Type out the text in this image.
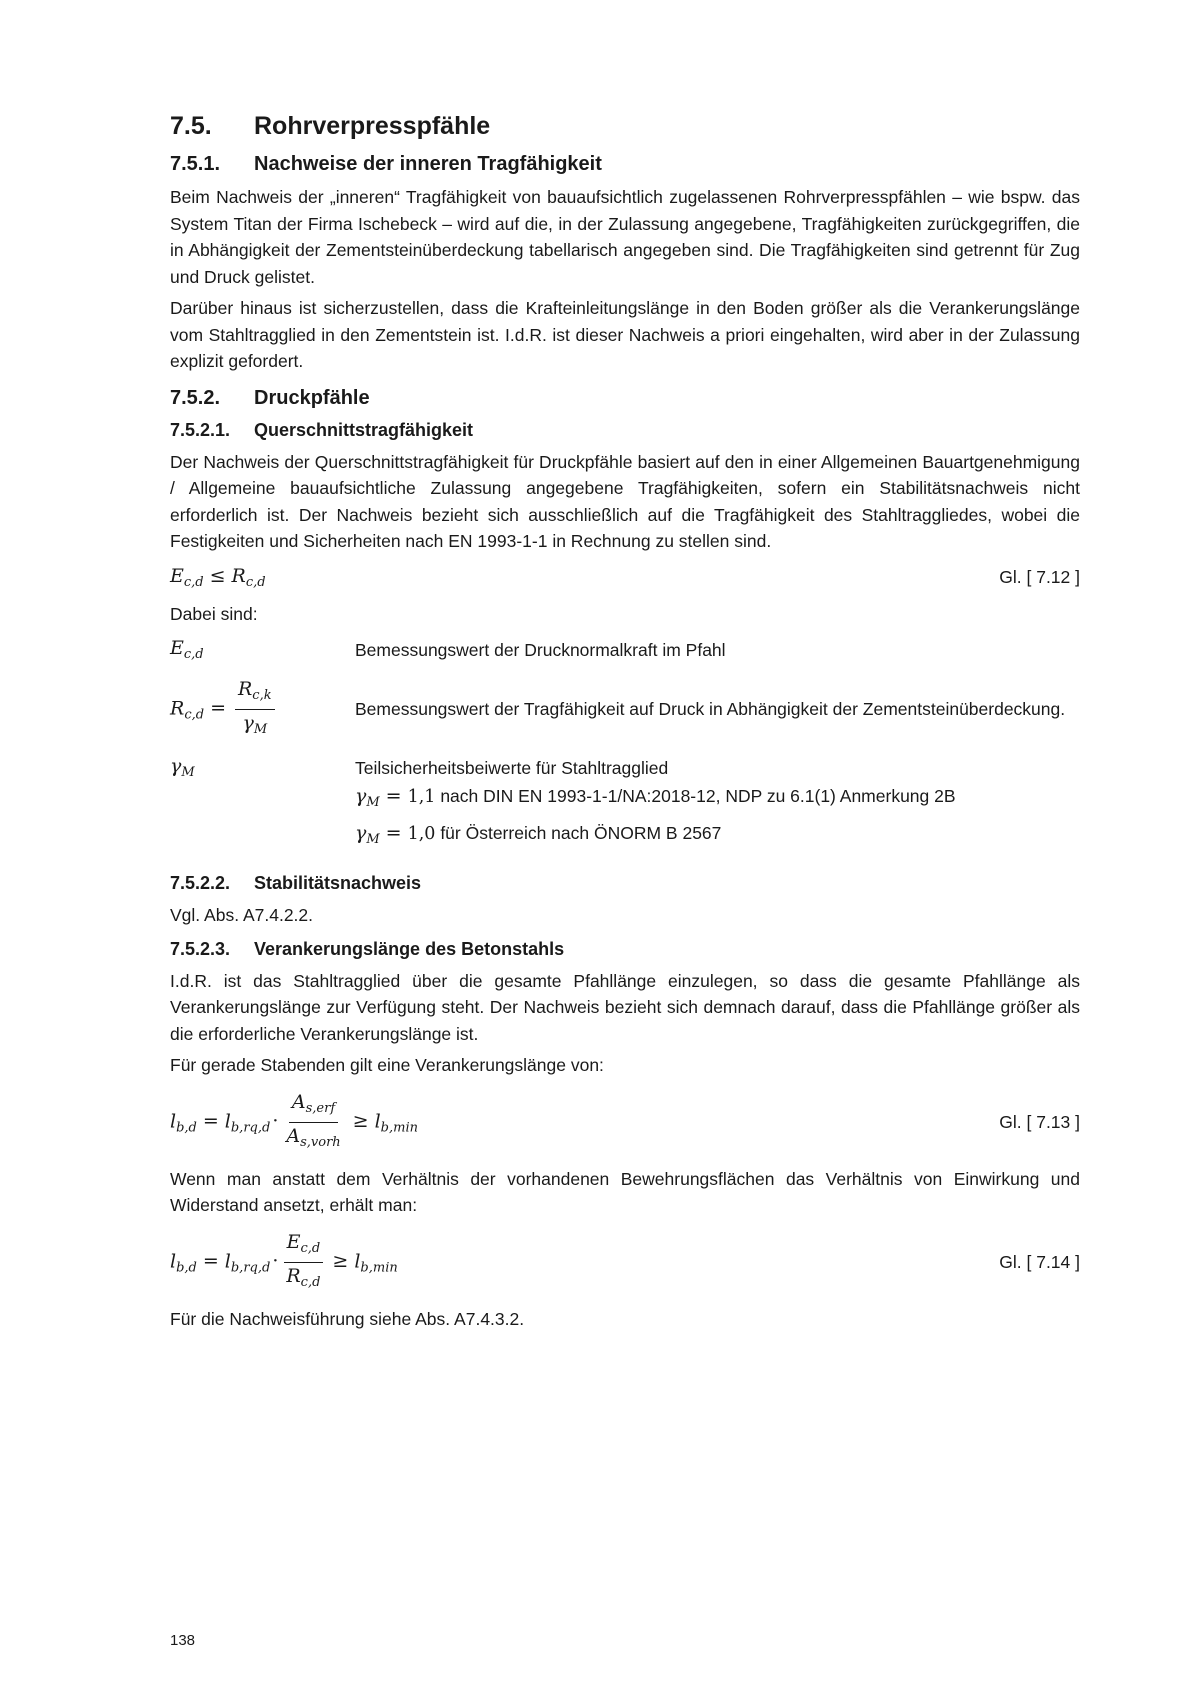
7.5.	Rohrverpresspfähle
7.5.1.	Nachweise der inneren Tragfähigkeit

Beim Nachweis der „inneren“ Tragfähigkeit von bauaufsichtlich zugelassenen Rohrverpresspfählen – wie bspw. das System Titan der Firma Ischebeck – wird auf die, in der Zulassung angegebene, Tragfähigkeiten zurückgegriffen, die in Abhängigkeit der Zementsteinüberdeckung tabellarisch angegeben sind. Die Tragfähigkeiten sind getrennt für Zug und Druck gelistet.

Darüber hinaus ist sicherzustellen, dass die Krafteinleitungslänge in den Boden größer als die Verankerungslänge vom Stahltragglied in den Zementstein ist. I.d.R. ist dieser Nachweis a priori eingehalten, wird aber in der Zulassung explizit gefordert.

7.5.2.	Druckpfähle
7.5.2.1.	Querschnittstragfähigkeit

Der Nachweis der Querschnittstragfähigkeit für Druckpfähle basiert auf den in einer Allgemeinen Bauartgenehmigung / Allgemeine bauaufsichtliche Zulassung angegebene Tragfähigkeiten, sofern ein Stabilitätsnachweis nicht erforderlich ist. Der Nachweis bezieht sich ausschließlich auf die Tragfähigkeit des Stahltraggliedes, wobei die Festigkeiten und Sicherheiten nach EN 1993-1-1 in Rechnung zu stellen sind.

$E_{c,d} \le R_{c,d}$	Gl. [ 7.12 ]

Dabei sind:

$E_{c,d}$	Bemessungswert der Drucknormalkraft im Pfahl
$R_{c,d} = \frac{R_{c,k}}{\gamma_M}$	Bemessungswert der Tragfähigkeit auf Druck in Abhängigkeit der Zementsteinüberdeckung.
$\gamma_M$	Teilsicherheitsbeiwerte für Stahltragglied
$\gamma_M = 1,1$ nach DIN EN 1993-1-1/NA:2018-12, NDP zu 6.1(1) Anmerkung 2B
$\gamma_M = 1,0$ für Österreich nach ÖNORM B 2567
7.5.2.2.	Stabilitätsnachweis

Vgl. Abs. A7.4.2.2.

7.5.2.3.	Verankerungslänge des Betonstahls

I.d.R. ist das Stahltragglied über die gesamte Pfahllänge einzulegen, so dass die gesamte Pfahllänge als Verankerungslänge zur Verfügung steht. Der Nachweis bezieht sich demnach darauf, dass die Pfahllänge größer als die erforderliche Verankerungslänge ist.

Für gerade Stabenden gilt eine Verankerungslänge von:

$l_{b,d} = l_{b,rq,d} \cdot \frac{A_{s,erf}}{A_{s,vorh}} \ge l_{b,min}$	Gl. [ 7.13 ]

Wenn man anstatt dem Verhältnis der vorhandenen Bewehrungsflächen das Verhältnis von Einwirkung und Widerstand ansetzt, erhält man:

$l_{b,d} = l_{b,rq,d} \cdot \frac{E_{c,d}}{R_{c,d}} \ge l_{b,min}$	Gl. [ 7.14 ]

Für die Nachweisführung siehe Abs. A7.4.3.2.

138
